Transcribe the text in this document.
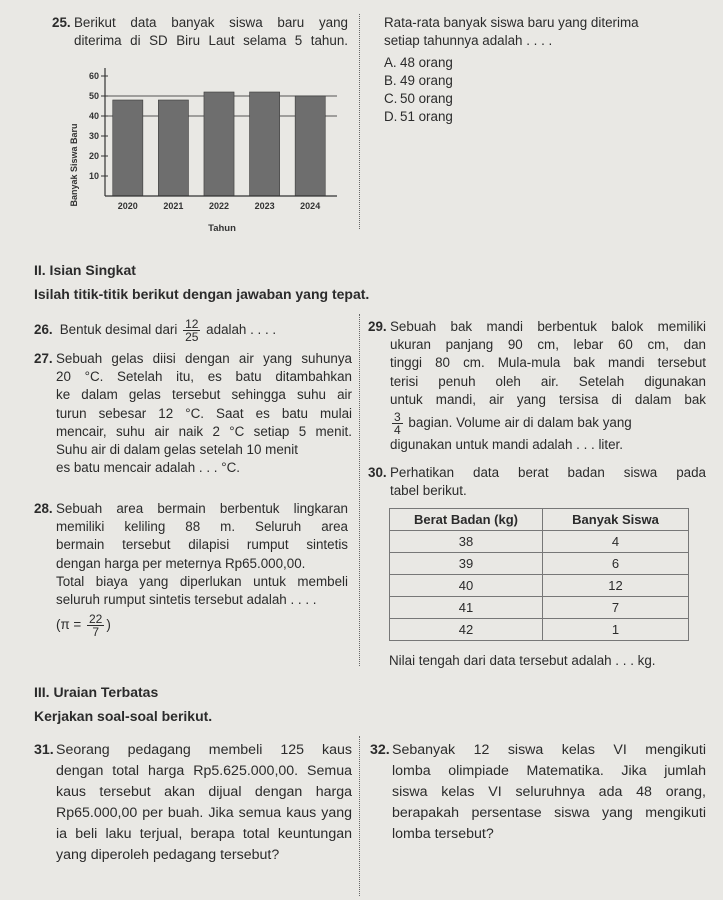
25. Berikut data banyak siswa baru yang
diterima di SD Biru Laut selama 5 tahun.
2020	2021	2022	2023	2024
10
20
30
40
50
60
Banyak Siswa Baru
Tahun
Rata-rata banyak siswa baru yang diterima
setiap tahunnya adalah . . . .
A. 48 orang
B. 49 orang
C. 50 orang
D. 51 orang
II. Isian Singkat
Isilah titik-titik berikut dengan jawaban yang tepat.
26. Bentuk desimal dari $\frac{12}{25}$ adalah . . . .
27. Sebuah gelas diisi dengan air yang suhunya
20 °C. Setelah itu, es batu ditambahkan
ke dalam gelas tersebut sehingga suhu air
turun sebesar 12 °C. Saat es batu mulai
mencair, suhu air naik 2 °C setiap 5 menit.
Suhu air di dalam gelas setelah 10 menit
es batu mencair adalah . . . °C.
28. Sebuah area bermain berbentuk lingkaran
memiliki keliling 88 m. Seluruh area
bermain tersebut dilapisi rumput sintetis
dengan harga per meternya Rp65.000,00.
Total biaya yang diperlukan untuk membeli
seluruh rumput sintetis tersebut adalah . . . .
($\pi = \frac{22}{7}$ )
29. Sebuah bak mandi berbentuk balok memiliki
ukuran panjang 90 cm, lebar 60 cm, dan
tinggi 80 cm. Mula-mula bak mandi tersebut
terisi penuh oleh air. Setelah digunakan
untuk mandi, air yang tersisa di dalam bak
$\frac{3}{4}$ bagian. Volume air di dalam bak yang
digunakan untuk mandi adalah . . . liter.
30. Perhatikan data berat badan siswa pada
tabel berikut.
Berat Badan (kg)	Banyak Siswa
38	4
39	6
40	12
41	7
42	1
Nilai tengah dari data tersebut adalah . . . kg.
III. Uraian Terbatas
Kerjakan soal-soal berikut.
31. Seorang pedagang membeli 125 kaus
dengan total harga Rp5.625.000,00. Semua
kaus tersebut akan dijual dengan harga
Rp65.000,00 per buah. Jika semua kaus yang
ia beli laku terjual, berapa total keuntungan
yang diperoleh pedagang tersebut?
32. Sebanyak 12 siswa kelas VI mengikuti
lomba olimpiade Matematika. Jika jumlah
siswa kelas VI seluruhnya ada 48 orang,
berapakah persentase siswa yang mengikuti
lomba tersebut?
